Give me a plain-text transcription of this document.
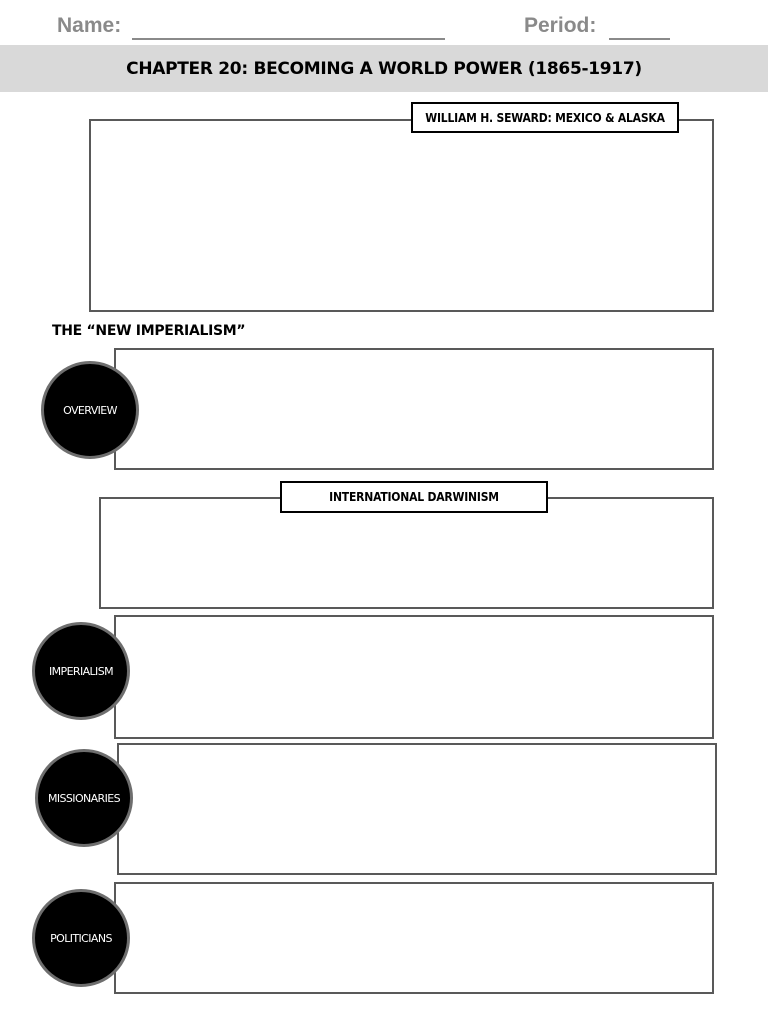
Name:	Period:
CHAPTER 20: BECOMING A WORLD POWER (1865-1917)
WILLIAM H. SEWARD: MEXICO & ALASKA
THE “NEW IMPERIALISM”
OVERVIEW
INTERNATIONAL DARWINISM
IMPERIALISM
MISSIONARIES
POLITICIANS
